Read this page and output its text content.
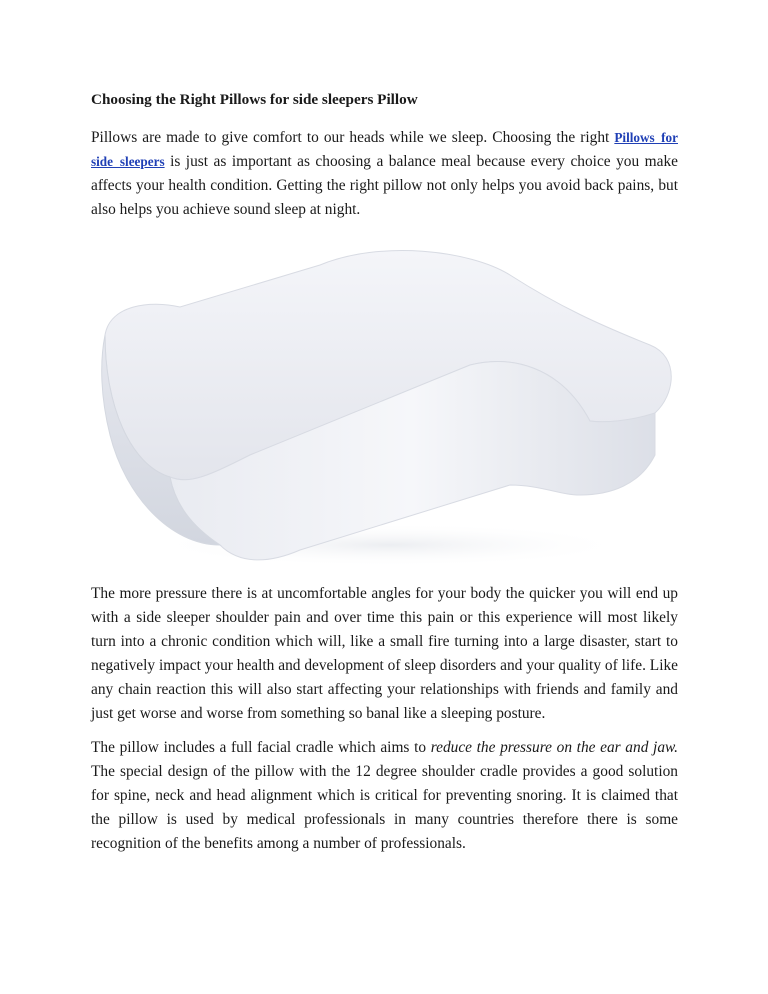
Choosing the Right Pillows for side sleepers Pillow

Pillows are made to give comfort to our heads while we sleep. Choosing the right Pillows for side sleepers is just as important as choosing a balance meal because every choice you make affects your health condition. Getting the right pillow not only helps you avoid back pains, but also helps you achieve sound sleep at night.

The more pressure there is at uncomfortable angles for your body the quicker you will end up with a side sleeper shoulder pain and over time this pain or this experience will most likely turn into a chronic condition which will, like a small fire turning into a large disaster, start to negatively impact your health and development of sleep disorders and your quality of life. Like any chain reaction this will also start affecting your relationships with friends and family and just get worse and worse from something so banal like a sleeping posture.

The pillow includes a full facial cradle which aims to reduce the pressure on the ear and jaw. The special design of the pillow with the 12 degree shoulder cradle provides a good solution for spine, neck and head alignment which is critical for preventing snoring. It is claimed that the pillow is used by medical professionals in many countries therefore there is some recognition of the benefits among a number of professionals.
